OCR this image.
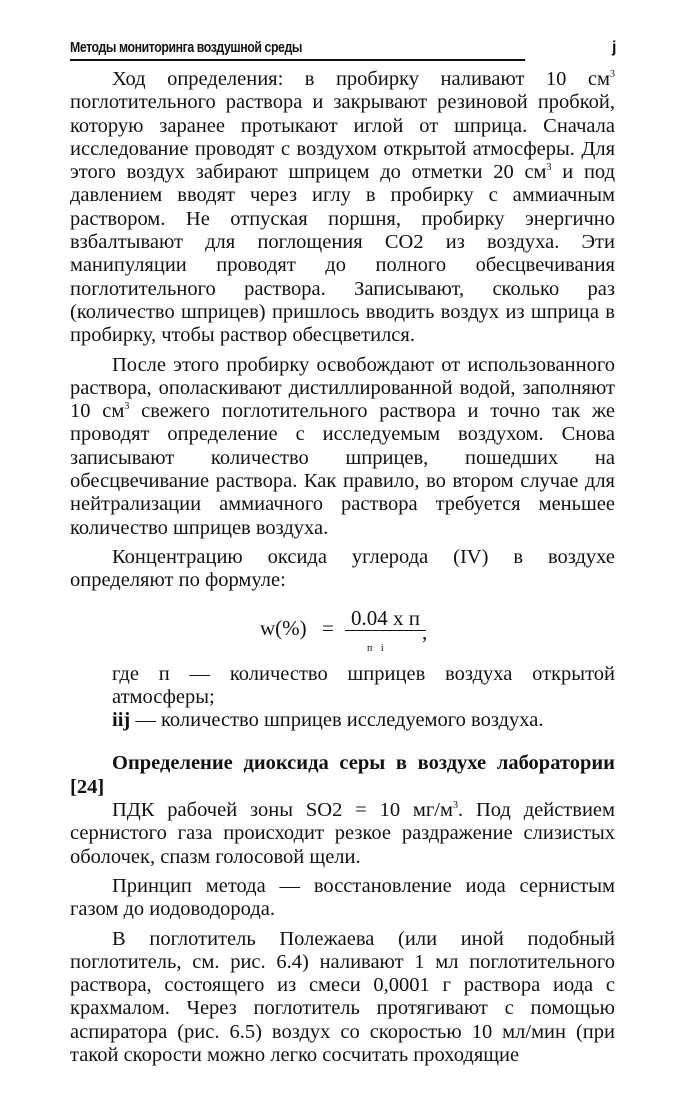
Методы мониторинга воздушной среды	j

Ход определения: в пробирку наливают 10 $см^3$ поглотительного раствора и закрывают резиновой пробкой, которую заранее протыкают иглой от шприца. Сначала исследование проводят с воздухом открытой атмосферы. Для этого воздух забирают шприцем до отметки 20 $см^3$ и под давлением вводят через иглу в пробирку с аммиачным раствором. Не отпуская поршня, пробирку энергично взбалтывают для поглощения СО2 из воздуха. Эти манипуляции проводят до полного обесцвечивания поглотительного раствора. Записывают, сколько раз (количество шприцев) пришлось вводить воздух из шприца в пробирку, чтобы раствор обесцветился.

После этого пробирку освобождают от использованного раствора, ополаскивают дистиллированной водой, заполняют 10 $см^3$ свежего поглотительного раствора и точно так же проводят определение с исследуемым воздухом. Снова записывают количество шприцев, пошедших на обесцвечивание раствора. Как правило, во втором случае для нейтрализации аммиачного раствора требуется меньшее количество шприцев воздуха.

Концентрацию оксида углерода (IV) в воздухе определяют по формуле:

w(%) = 0.04 x п
п i
,

где п — количество шприцев воздуха открытой атмосферы;

iij — количество шприцев исследуемого воздуха.

Определение диоксида серы в воздухе лаборатории [24]

ПДК рабочей зоны SO2 = 10 $мг/м^3$. Под действием сернистого газа происходит резкое раздражение слизистых оболочек, спазм голосовой щели.

Принцип метода — восстановление иода сернистым газом до иодоводорода.

В поглотитель Полежаева (или иной подобный поглотитель, см. рис. 6.4) наливают 1 мл поглотительного раствора, состоящего из смеси 0,0001 г раствора иода с крахмалом. Через поглотитель протягивают с помощью аспиратора (рис. 6.5) воздух со скоростью 10 мл/мин (при такой скорости можно легко сосчитать проходящие
